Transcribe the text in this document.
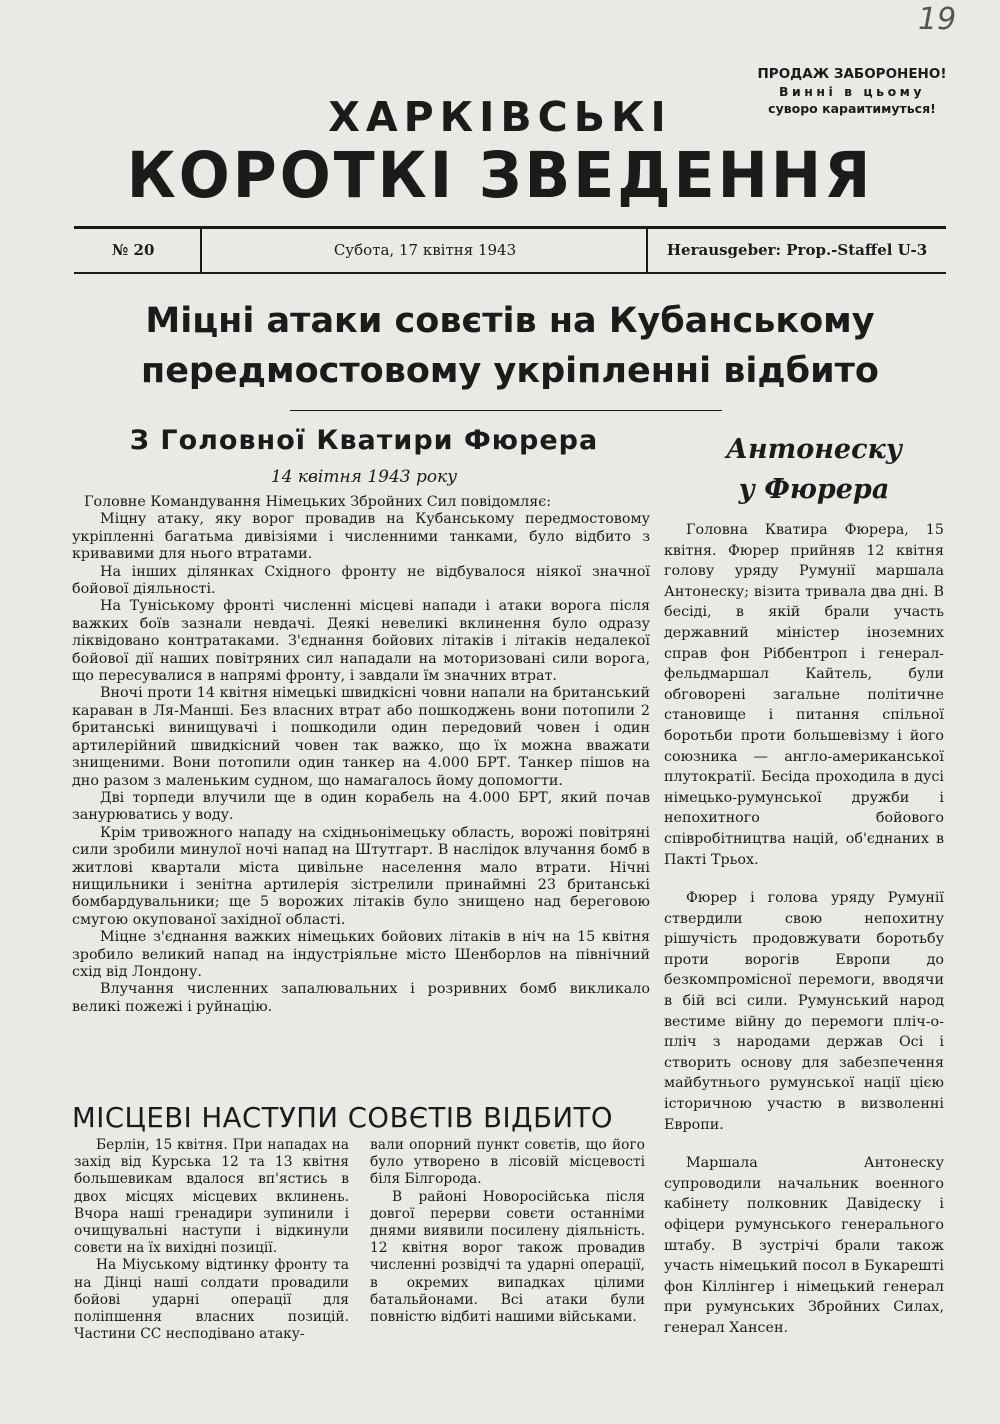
19
ПРОДАЖ ЗАБОРОНЕНО!
Винні в цьому
суворо караитимуться!
ХАРКІВСЬКІ
КОРОТКІ ЗВЕДЕННЯ
№ 20	Субота, 17 квітня 1943	Herausgeber: Prop.-Staffel U-3
Міцні атаки совєтів на Кубанському
передмостовому укріпленні відбито
З Головної Кватири Фюрера
14 квітня 1943 року

Головне Командування Німецьких Збройних Сил повідомляє:

Міцну атаку, яку ворог провадив на Кубанському передмостовому укріпленні багатьма дивізіями і численними танками, було відбито з кривавими для нього втратами.

На інших ділянках Східного фронту не відбувалося ніякої значної бойової діяльності.

На Туніському фронті численні місцеві напади і атаки ворога після важких боїв зазнали невдачі. Деякі невеликі вклинення було одразу ліквідовано контратаками. З'єднання бойових літаків і літаків недалекої бойової дії наших повітряних сил нападали на моторизовані сили ворога, що пересувалися в напрямі фронту, і завдали їм значних втрат.

Вночі проти 14 квітня німецькі швидкісні човни напали на британський караван в Ля-Манші. Без власних втрат або пошкоджень вони потопили 2 британські винищувачі і пошкодили один передовий човен і один артилерійний швидкісний човен так важко, що їх можна вважати знищеними. Вони потопили один танкер на 4.000 БРТ. Танкер пішов на дно разом з маленьким судном, що намагалось йому допомогти.

Дві торпеди влучили ще в один корабель на 4.000 БРТ, який почав занурюватись у воду.

Крім тривожного нападу на східньонімецьку область, ворожі повітряні сили зробили минулої ночі напад на Штутгарт. В наслідок влучання бомб в житлові квартали міста цивільне населення мало втрати. Нічні нищильники і зенітна артилерія зістрелили принаймні 23 британські бомбардувальники; ще 5 ворожих літаків було знищено над береговою смугою окупованої західної області.

Міцне з'єднання важких німецьких бойових літаків в ніч на 15 квітня зробило великий напад на індустріяльне місто Шенборлов на північний схід від Лондону.

Влучання численних запалювальних і розривних бомб викликало великі пожежі і руйнацію.

МІСЦЕВІ НАСТУПИ СОВЄТІВ ВІДБИТО

Берлін, 15 квітня. При нападах на захід від Курська 12 та 13 квітня большевикам вдалося вп'ястись в двох місцях місцевих вклинень. Вчора наші гренадири зупинили і очищувальні наступи і відкинули совєти на їх вихідні позиції.

На Міуському відтинку фронту та на Дінці наші солдати провадили бойові ударні операції для поліпшення власних позицій. Частини СС несподівано атаку-

вали опорний пункт совєтів, що його було утворено в лісовій місцевості біля Білгорода.

В районі Новоросійська після довгої перерви совєти останніми днями виявили посилену діяльність. 12 квітня ворог також провадив численні розвідчі та ударні операції, в окремих випадках цілими батальйонами. Всі атаки були повністю відбиті нашими військами.

Антонеску
у Фюрера

Головна Кватира Фюрера, 15 квітня. Фюрер прийняв 12 квітня голову уряду Румунії маршала Антонеску; візита тривала два дні. В бесіді, в якій брали участь державний міністер іноземних справ фон Ріббентроп і генерал-фельдмаршал Кайтель, були обговорені загальне політичне становище і питання спільної боротьби проти большевізму і його союзника — англо-американської плутократії. Бесіда проходила в дусі німецько-румунської дружби і непохитного бойового співробітництва націй, об'єднаних в Пакті Трьох.

Фюрер і голова уряду Румунії ствердили свою непохитну рішучість продовжувати боротьбу проти ворогів Европи до безкомпромісної перемоги, вводячи в бій всі сили. Румунський народ вестиме війну до перемоги пліч-о-пліч з народами держав Осі і створить основу для забезпечення майбутнього румунської нації цією історичною участю в визволенні Европи.

Маршала Антонеску супроводили начальник военного кабінету полковник Давідеску і офіцери румунського генерального штабу. В зустрічі брали також участь німецький посол в Букарешті фон Кіллінгер і німецький генерал при румунських Збройних Силах, генерал Хансен.
